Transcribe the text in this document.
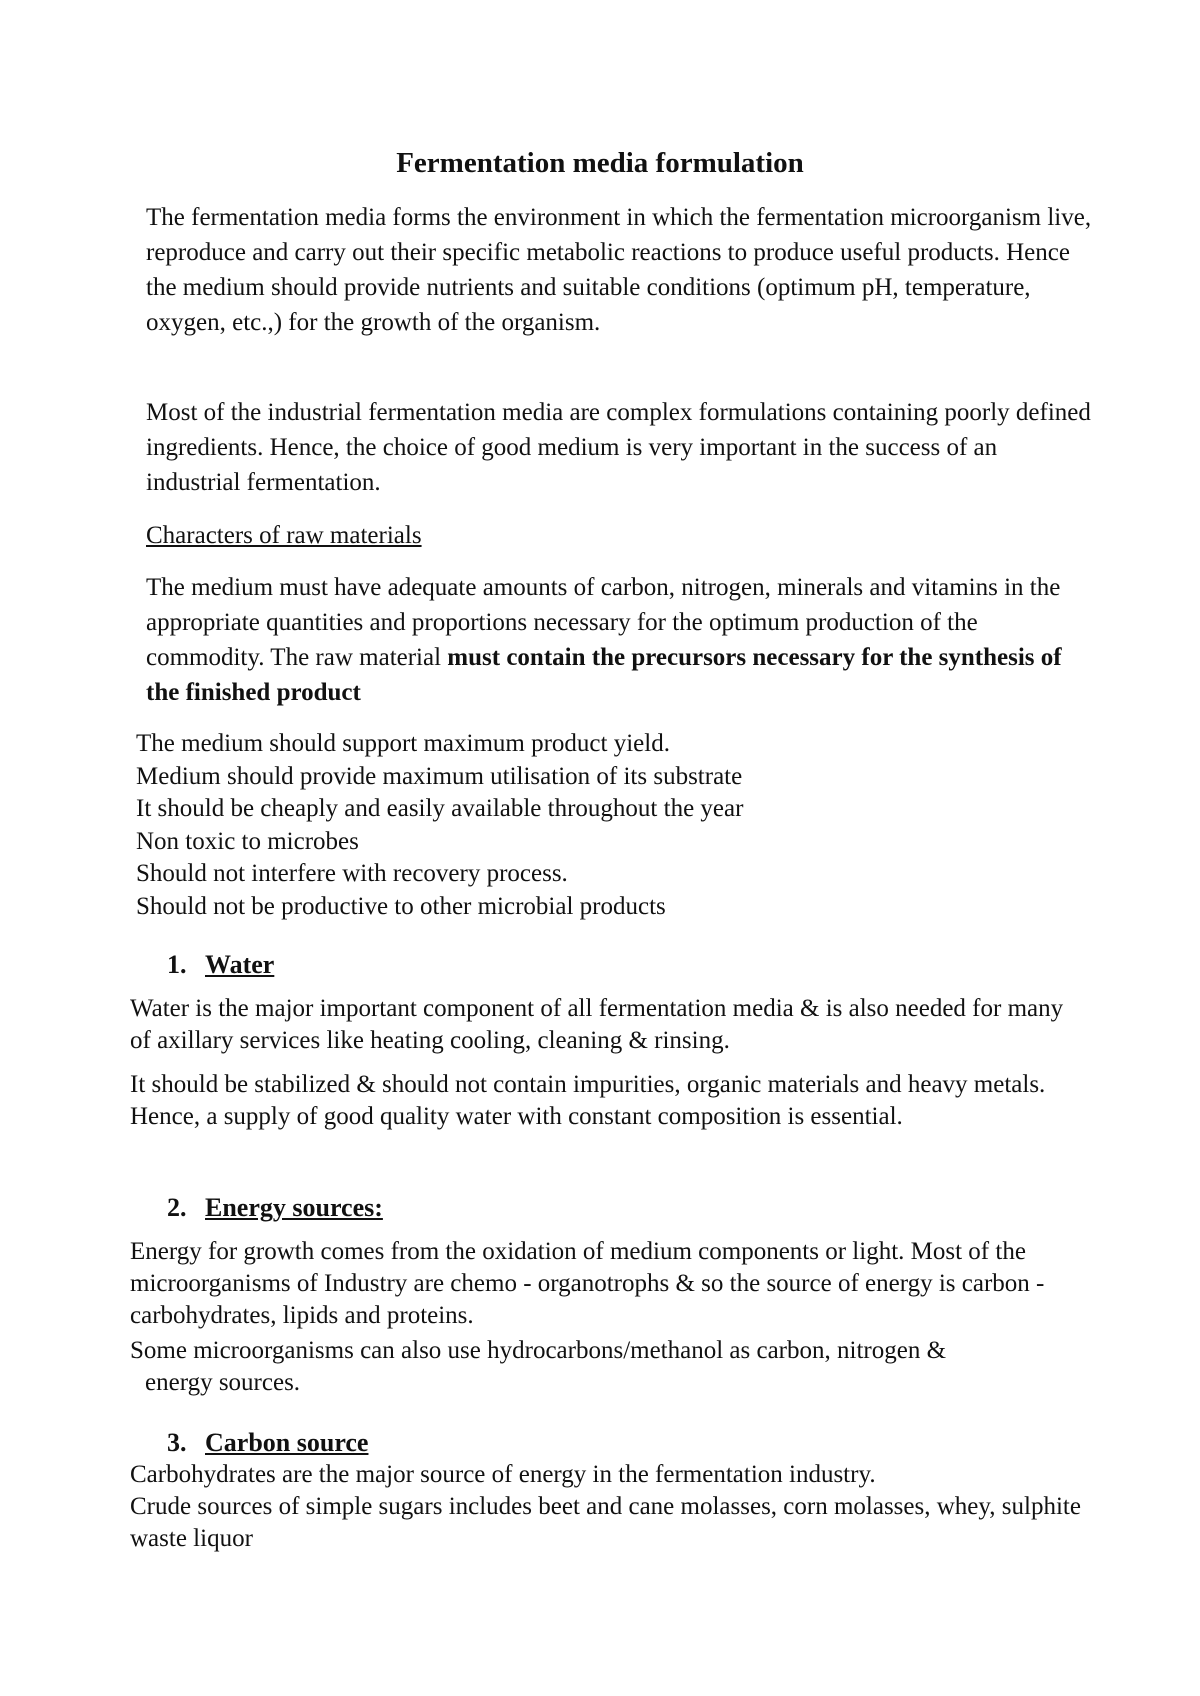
Fermentation media formulation

The fermentation media forms the environment in which the fermentation microorganism live, reproduce and carry out their specific metabolic reactions to produce useful products. Hence the medium should provide nutrients and suitable conditions (optimum pH, temperature, oxygen, etc.,) for the growth of the organism.

Most of the industrial fermentation media are complex formulations containing poorly defined ingredients. Hence, the choice of good medium is very important in the success of an industrial fermentation.

Characters of raw materials

The medium must have adequate amounts of carbon, nitrogen, minerals and vitamins in the appropriate quantities and proportions necessary for the optimum production of the commodity. The raw material must contain the precursors necessary for the synthesis of the finished product

The medium should support maximum product yield.
Medium should provide maximum utilisation of its substrate
It should be cheaply and easily available throughout the year
Non toxic to microbes
Should not interfere with recovery process.
Should not be productive to other microbial products
1. Water

Water is the major important component of all fermentation media & is also needed for many of axillary services like heating cooling, cleaning & rinsing.

It should be stabilized & should not contain impurities, organic materials and heavy metals. Hence, a supply of good quality water with constant composition is essential.

2. Energy sources:

Energy for growth comes from the oxidation of medium components or light. Most of the microorganisms of Industry are chemo - organotrophs & so the source of energy is carbon - carbohydrates, lipids and proteins.

Some microorganisms can also use hydrocarbons/methanol as carbon, nitrogen &
energy sources.

3. Carbon source
Carbohydrates are the major source of energy in the fermentation industry.
Crude sources of simple sugars includes beet and cane molasses, corn molasses, whey, sulphite waste liquor
